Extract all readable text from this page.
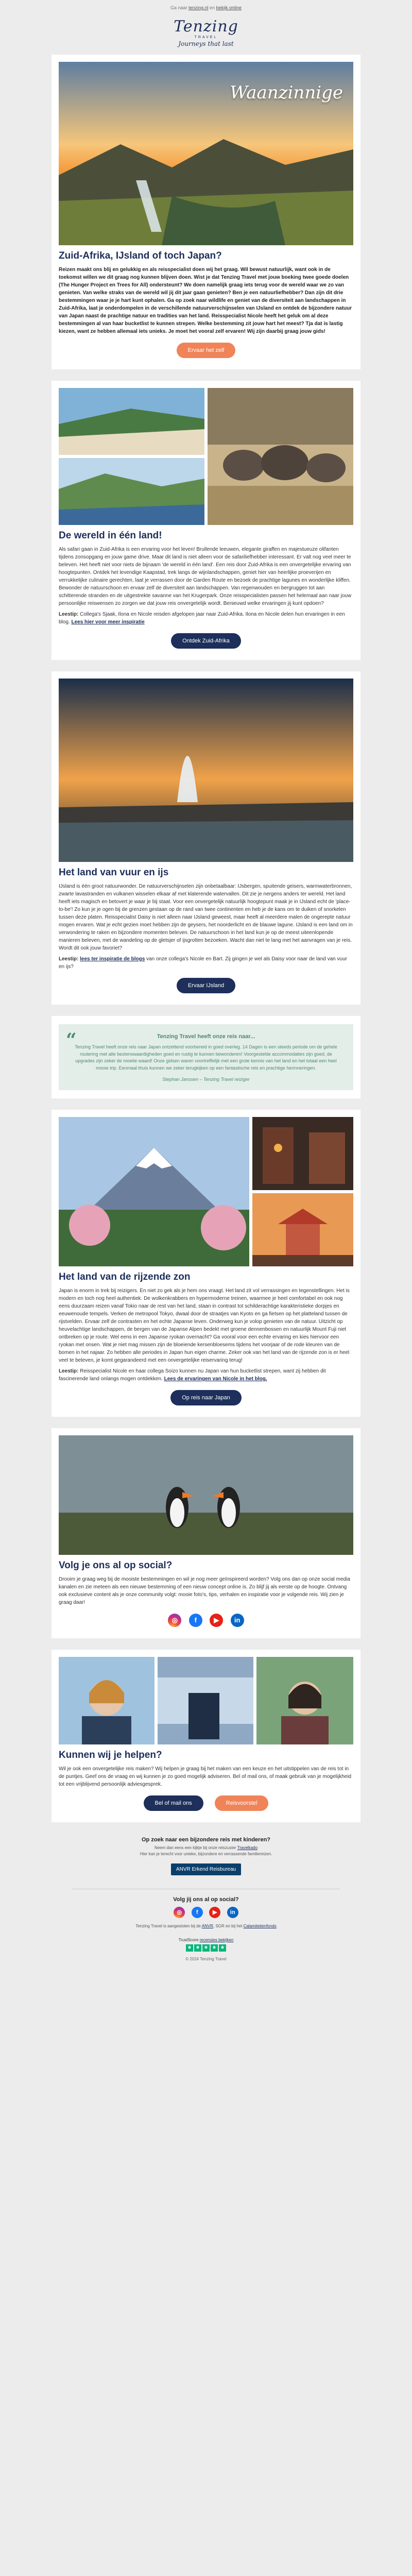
Ga naar tenzing.nl en bekijk online
Tenzing
TRAVEL
Journeys that last
Waanzinnige
Zuid-Afrika, IJsland of toch Japan?

Reizen maakt ons blij en gelukkig en als reisspecialist doen wij het graag. Wil bewust natuurlijk, want ook in de toekomst willen we dit graag nog kunnen blijven doen. Wist je dat Tenzing Travel met jouw boeking twee goede doelen (The Hunger Project en Trees for All) ondersteunt? We doen namelijk graag iets terug voor de wereld waar we zo van genieten. Van welke straks van de wereld wil jij dit jaar gaan genieten? Ben je een natuurliefhebber? Dan zijn dit drie bestemmingen waar je je hart kunt ophalen. Ga op zoek naar wildlife en geniet van de diversiteit aan landschappen in Zuid-Afrika, laat je onderdompelen in de verschillende natuurverschijnselen van IJsland en ontdek de bijzondere natuur van Japan naast de prachtige natuur en tradities van het land. Reisspecialist Nicole heeft het geluk om al deze bestemmingen al van haar bucketlist te kunnen strepen. Welke bestemming zit jouw hart het meest? Tja dat is lastig kiezen, want ze hebben allemaal iets unieks. Je moet het vooral zelf ervaren! Wij zijn daarbij graag jouw gids!

Ervaar het zelf
De wereld in één land!

Als safari gaan in Zuid-Afrika is een ervaring voor het leven! Brullende leeuwen, elegante giraffen en majestueuze olifanten tijdens zonsopgang en jouw game drive. Maar dit land is niet alleen voor de safariliefhebber interessant. Er valt nog veel meer te beleven. Het heeft niet voor niets de bijnaam 'de wereld in één land'. Een reis door Zuid-Afrika is een onvergetelijke ervaring van hoogtepunten. Ontdek het levendige Kaapstad, trek langs de wijnlandschappen, geniet hier van heerlijke proeverijen en verrukkelijke culinaire gerechten, laat je verrassen door de Garden Route en bezoek de prachtige lagunes en wonderlijke kliffen. Bewonder de natuurschoon en ervaar zelf de diversiteit aan landschappen. Van regenwouden en bergruggen tot aan schitterende stranden en de uitgestrekte savanne van het Krugerpark. Onze reisspecialisten passen het helemaal aan naar jouw persoonlijke reiswensen zo zorgen we dat jouw reis onvergetelijk wordt. Benieuwd welke ervaringen jij kunt opdoen?

Leestip: Collega's Sjaak, Ilona en Nicole reisden afgelopen jaar naar Zuid-Afrika. Ilona en Nicole delen hun ervaringen in een blog. Lees hier voor meer inspiratie

Ontdek Zuid-Afrika
Het land van vuur en ijs

IJsland is één groot natuurwonder. De natuurverschijnselen zijn onbetaalbaar: IJsbergen, spuitende geisers, warmwaterbronnen, zwarte lavastranden en vulkanen wisselen elkaar af met klaterende watervallen. Dit zie je nergens anders ter wereld. Het land heeft iets magisch en betovert je waar je bij staat. Voor een onvergetelijk natuurlijk hoogtepunt maak je in IJsland echt de 'place-to-be'! Zo kun je je ogen bij de grenzen gestaan op de rand van twee continenten en heb je de kans om te duiken of snorkelen tussen deze platen. Reisspecialist Daisy is niet alleen naar IJsland geweest, maar heeft al meerdere malen de ongerepte natuur mogen ervaren. Wat je echt gezien moet hebben zijn de geysers, het noorderlicht en de blauwe lagune. IJsland is een land om in verwondering te raken en bijzondere momenten beleven. De natuurschoon in het land kun je op de meest uiteenlopende manieren beleven, met de wandeling op de gletsjer of ijsgrotten bezoeken. Wacht dan niet te lang met het aanvragen van je reis. Wordt dit ook jouw favoriet?

Leestip: lees ter inspiratie de blogs van onze collega's Nicole en Bart. Zij gingen je wel als Daisy voor naar de land van vuur en ijs?

Ervaar IJsland
“	Tenzing Travel heeft onze reis naar...
Tenzing Travel heeft onze reis naar Japan ontzettend voorbereid in goed overleg. 14 Dagen is een steeds periode om de gehele routering met alle bezienswaardigheden goed en rustig te kunnen bewonderen! Voorgestelde accommodaties zijn goed, de upgrades zijn zeker de moeite waard! Onze gidsen waren voortreffelijk met een grote kennis van het land en het totaal een heel mooie trip. Eenmaal thuis kunnen we zeker terugkijken op een fantastische reis en prachtige herinneringen.
Stephan Janssen – Tenzing Travel reiziger
Het land van de rijzende zon

Japan is enorm in trek bij reizigers. En niet zo gek als je hem ons vraagt. Het land zit vol verrassingen en tegenstellingen. Het is modern en toch nog heel authentiek. De wolkenkrabbers en hypermoderne treinen, waarmee je heel comfortabel en ook nog eens duurzaam reizen vanaf Tokio naar de rest van het land, staan in contrast tot schilderachtige karakteristieke dorpjes en eeuwenoude tempels. Verken de metropool Tokyo, dwaal door de straatjes van Kyoto en ga fietsen op het platteland tussen de rijstvelden. Ervaar zelf de contrasten en het echte Japanse leven. Onderweg kun je volop genieten van de natuur. Uitzicht op heuvelachtige landschappen, de bergen van de Japanse Alpen bedekt met groene dennenbossen en natuurlijk Mount Fuji niet ontbreken op je route. Wel eens in een Japanse ryokan overnacht? Ga vooral voor een echte ervaring en kies hiervoor een ryokan met onsen. Wat je niet mag missen zijn de bloeiende kersenbloesems tijdens het voorjaar of de rode kleuren van de bomen in het najaar. Zo hebben alle periodes in Japan hun eigen charme. Zeker ook van het land van de rijzende zon is er heel veel te beleven, je komt gegarandeerd met een onvergetelijke reiservaring terug!

Leestip: Reisspecialist Nicole en haar collega Soizo kunnen nu Japan van hun bucketlist strepen, want zij hebben dit fascinerende land onlangs mogen ontdekken. Lees de ervaringen van Nicole in het blog.

Op reis naar Japan
Volg je ons al op social?

Drooim je graag weg bij de mooiste bestemmingen en wil je nog meer geïnspireerd worden? Volg ons dan op onze social media kanalen en zie meteen als een nieuwe bestemming of een nieuw concept online is. Zo blijf jij als eerste op de hoogte. Ontvang ook exclusieve content als je onze community volgt: mooie foto's, tips, verhalen en inspiratie voor je volgende reis. Wij zien je graag daar!

◎	f	▶ in
Kunnen wij je helpen?

Wil je ook een onvergetelijke reis maken? Wij helpen je graag bij het maken van een keuze en het uitstippelen van de reis tot in de puntjes. Geef ons de vraag en wij kunnen je zo goed mogelijk adviseren. Bel of mail ons, of maak gebruik van je mogelijkheid tot een vrijblijvend persoonlijk adviesgesprek.

Bel of mail ons	Reisvoorstel
Op zoek naar een bijzondere reis met kinderen?
Neem dan eens een kijkje bij onze reiszuster Travelkado
Hier kan je terecht voor unieke, bijzondere en verrassende familiereizen.
ANVR Erkend Reisbureau
Volg jij ons al op social?
◎	f	▶ in
Tenzing Travel is aangesloten bij de ANVR, SGR en bij het Calamiteitenfonds
TrustScore recensies bekijken
★ ★ ★ ★ ★
© 2024 Tenzing Travel
